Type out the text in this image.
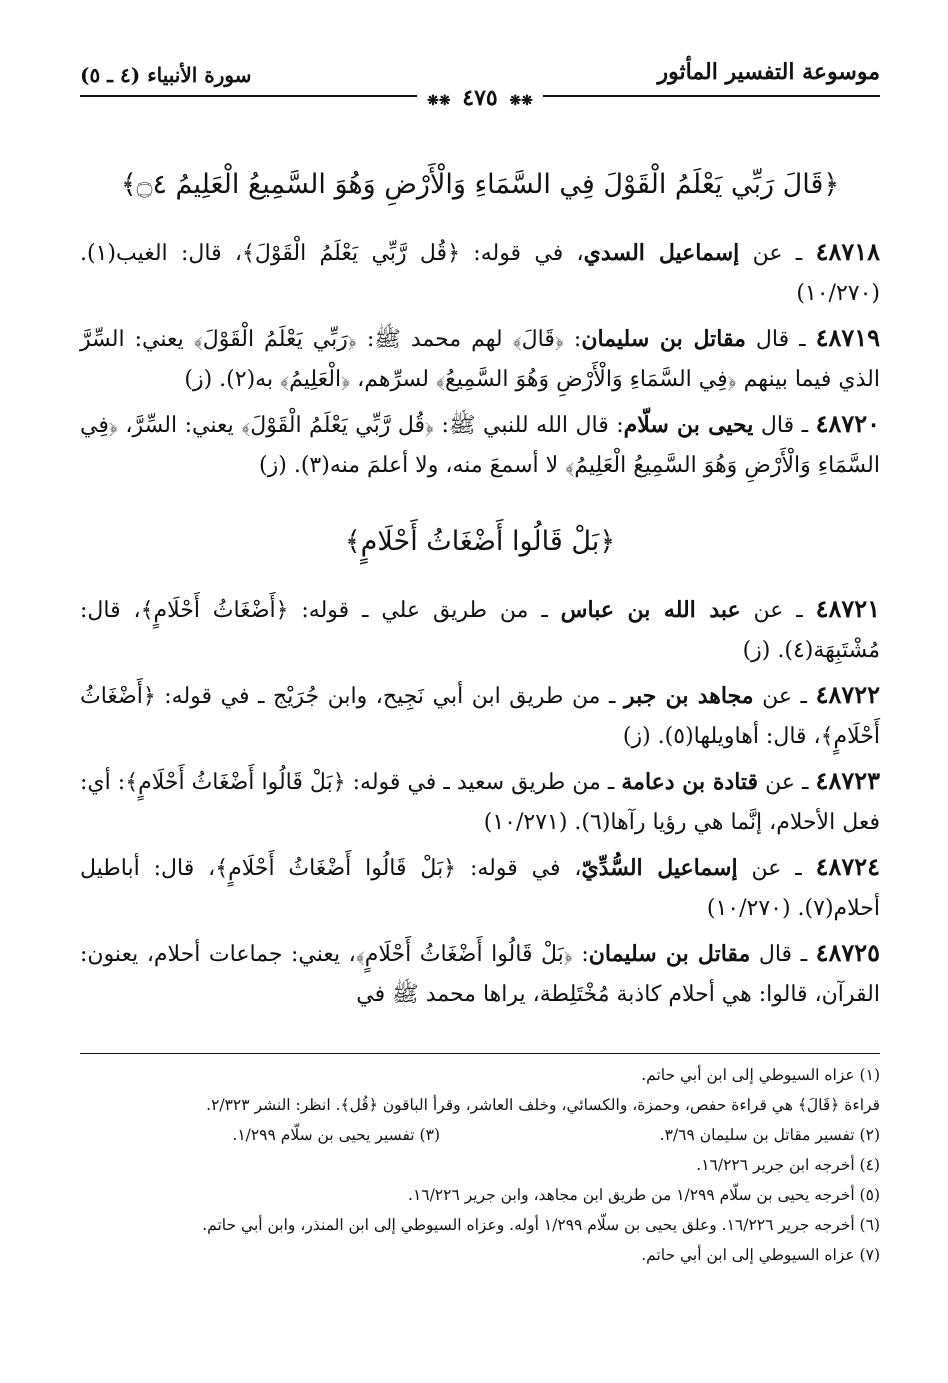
موسوعة التفسير المأثور
سورة الأنبياء (٤ ـ ٥)
❋❋ ٤٧٥ ❋❋
﴿قَالَ رَبِّي يَعْلَمُ الْقَوْلَ فِي السَّمَاءِ وَالْأَرْضِ وَهُوَ السَّمِيعُ الْعَلِيمُ ۝٤﴾

٤٨٧١٨ ـ عن إسماعيل السدي، في قوله: ﴿قُل رَّبِّي يَعْلَمُ الْقَوْلَ﴾، قال: الغيب(١). (١٠/٢٧٠)

٤٨٧١٩ ـ قال مقاتل بن سليمان: ﴿قَالَ﴾ لهم محمد ﷺ: ﴿رَبِّي يَعْلَمُ الْقَوْلَ﴾ يعني: السِّرَّ الذي فيما بينهم ﴿فِي السَّمَاءِ وَالْأَرْضِ وَهُوَ السَّمِيعُ﴾ لسرِّهم، ﴿الْعَلِيمُ﴾ به(٢). (ز)

٤٨٧٢٠ ـ قال يحيى بن سلّام: قال الله للنبي ﷺ: ﴿قُل رَّبِّي يَعْلَمُ الْقَوْلَ﴾ يعني: السِّرَّ، ﴿فِي السَّمَاءِ وَالْأَرْضِ وَهُوَ السَّمِيعُ الْعَلِيمُ﴾ لا أسمعَ منه، ولا أعلمَ منه(٣). (ز)

﴿بَلْ قَالُوا أَضْغَاثُ أَحْلَامٍ﴾

٤٨٧٢١ ـ عن عبد الله بن عباس ـ من طريق علي ـ قوله: ﴿أَضْغَاثُ أَحْلَامٍ﴾، قال: مُشْتَبِهَة(٤). (ز)

٤٨٧٢٢ ـ عن مجاهد بن جبر ـ من طريق ابن أبي نَجِيح، وابن جُرَيْج ـ في قوله: ﴿أَضْغَاثُ أَحْلَامٍ﴾، قال: أهاويلها(٥). (ز)

٤٨٧٢٣ ـ عن قتادة بن دعامة ـ من طريق سعيد ـ في قوله: ﴿بَلْ قَالُوا أَضْغَاثُ أَحْلَامٍ﴾: أي: فعل الأحلام، إنَّما هي رؤيا رآها(٦). (١٠/٢٧١)

٤٨٧٢٤ ـ عن إسماعيل السُّدِّيّ، في قوله: ﴿بَلْ قَالُوا أَضْغَاثُ أَحْلَامٍ﴾، قال: أباطيل أحلام(٧). (١٠/٢٧٠)

٤٨٧٢٥ ـ قال مقاتل بن سليمان: ﴿بَلْ قَالُوا أَضْغَاثُ أَحْلَامٍ﴾، يعني: جماعات أحلام، يعنون: القرآن، قالوا: هي أحلام كاذبة مُخْتَلِطة، يراها محمد ﷺ في

(١) عزاه السيوطي إلى ابن أبي حاتم.

قراءة ﴿قَالَ﴾ هي قراءة حفص، وحمزة، والكسائي، وخلف العاشر، وقرأ الباقون ﴿قُل﴾. انظر: النشر ٢/٣٢٣.

(٢) تفسير مقاتل بن سليمان ٣/٦٩.
(٣) تفسير يحيى بن سلّام ١/٢٩٩.

(٤) أخرجه ابن جرير ١٦/٢٢٦.

(٥) أخرجه يحيى بن سلّام ١/٢٩٩ من طريق ابن مجاهد، وابن جرير ١٦/٢٢٦.

(٦) أخرجه جرير ١٦/٢٢٦. وعلق يحيى بن سلّام ١/٢٩٩ أوله. وعزاه السيوطي إلى ابن المنذر، وابن أبي حاتم.

(٧) عزاه السيوطي إلى ابن أبي حاتم.
